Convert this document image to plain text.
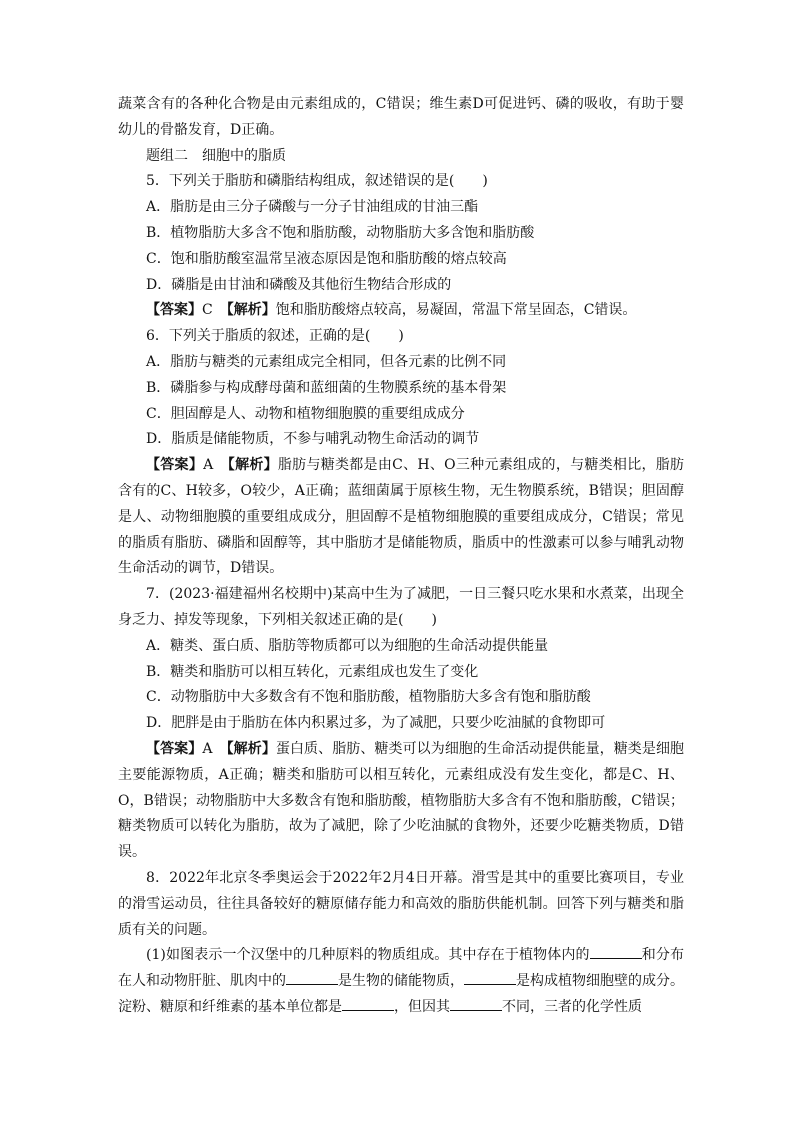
蔬菜含有的各种化合物是由元素组成的，C错误；维生素D可促进钙、磷的吸收，有助于婴幼儿的骨骼发育，D正确。

题组二　细胞中的脂质

5．下列关于脂肪和磷脂结构组成，叙述错误的是(　　)

A．脂肪是由三分子磷酸与一分子甘油组成的甘油三酯

B．植物脂肪大多含不饱和脂肪酸，动物脂肪大多含饱和脂肪酸

C．饱和脂肪酸室温常呈液态原因是饱和脂肪酸的熔点较高

D．磷脂是由甘油和磷酸及其他衍生物结合形成的

【答案】C　 【解析】饱和脂肪酸熔点较高，易凝固，常温下常呈固态，C错误。

6．下列关于脂质的叙述，正确的是(　　)

A．脂肪与糖类的元素组成完全相同，但各元素的比例不同

B．磷脂参与构成酵母菌和蓝细菌的生物膜系统的基本骨架

C．胆固醇是人、动物和植物细胞膜的重要组成成分

D．脂质是储能物质，不参与哺乳动物生命活动的调节

【答案】A　 【解析】脂肪与糖类都是由C、H、O三种元素组成的，与糖类相比，脂肪含有的C、H较多，O较少，A正确；蓝细菌属于原核生物，无生物膜系统，B错误；胆固醇是人、动物细胞膜的重要组成成分，胆固醇不是植物细胞膜的重要组成成分，C错误；常见的脂质有脂肪、磷脂和固醇等，其中脂肪才是储能物质，脂质中的性激素可以参与哺乳动物生命活动的调节，D错误。

7．(2023·福建福州名校期中)某高中生为了减肥，一日三餐只吃水果和水煮菜，出现全身乏力、掉发等现象，下列相关叙述正确的是(　　)

A．糖类、蛋白质、脂肪等物质都可以为细胞的生命活动提供能量

B．糖类和脂肪可以相互转化，元素组成也发生了变化

C．动物脂肪中大多数含有不饱和脂肪酸，植物脂肪大多含有饱和脂肪酸

D．肥胖是由于脂肪在体内积累过多，为了减肥，只要少吃油腻的食物即可

【答案】A　 【解析】蛋白质、脂肪、糖类可以为细胞的生命活动提供能量，糖类是细胞主要能源物质，A正确；糖类和脂肪可以相互转化，元素组成没有发生变化，都是C、H、O，B错误；动物脂肪中大多数含有饱和脂肪酸，植物脂肪大多含有不饱和脂肪酸，C错误；糖类物质可以转化为脂肪，故为了减肥，除了少吃油腻的食物外，还要少吃糖类物质，D错误。

8．2022年北京冬季奥运会于2022年2月4日开幕。滑雪是其中的重要比赛项目，专业的滑雪运动员，往往具备较好的糖原储存能力和高效的脂肪供能机制。回答下列与糖类和脂质有关的问题。

(1)如图表示一个汉堡中的几种原料的物质组成。其中存在于植物体内的	和分布在人和动物肝脏、肌肉中的	是生物的储能物质，	是构成植物细胞壁的成分。淀粉、糖原和纤维素的基本单位都是	，但因其	不同，三者的化学性质
